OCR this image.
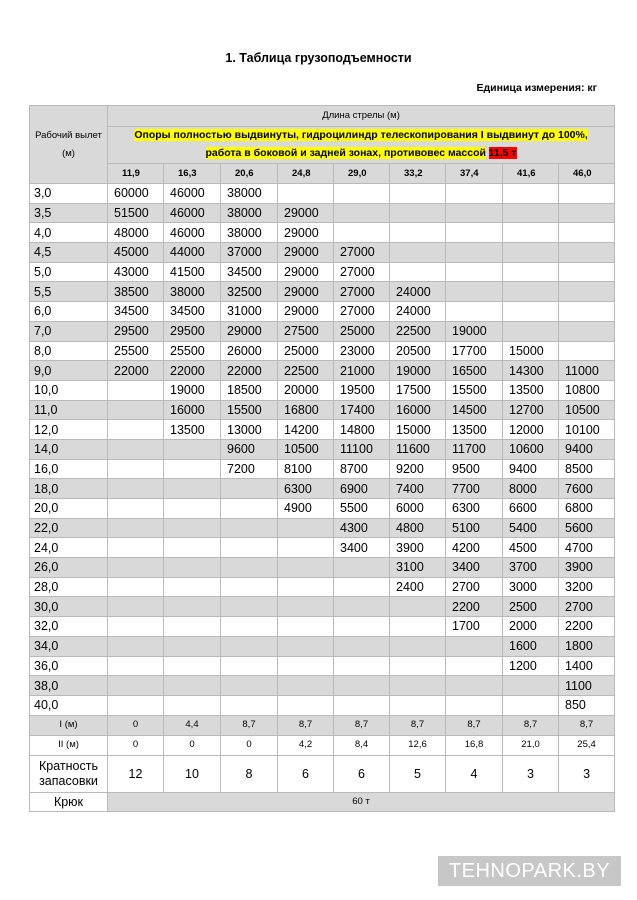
1. Таблица грузоподъемности
Единица измерения: кг
Рабочий вылет
(м)	Длина стрелы (м)								
	Опоры полностью выдвинуты, гидроцилиндр телескопирования I выдвинут до 100%,
работа в боковой и задней зонах, противовес массой 11,5 т								
	11,9	16,3	20,6	24,8	29,0	33,2	37,4	41,6	46,0
3,0	60000	46000	38000						
3,5	51500	46000	38000	29000					
4,0	48000	46000	38000	29000					
4,5	45000	44000	37000	29000	27000				
5,0	43000	41500	34500	29000	27000				
5,5	38500	38000	32500	29000	27000	24000			
6,0	34500	34500	31000	29000	27000	24000			
7,0	29500	29500	29000	27500	25000	22500	19000		
8,0	25500	25500	26000	25000	23000	20500	17700	15000	
9,0	22000	22000	22000	22500	21000	19000	16500	14300	11000
10,0		19000	18500	20000	19500	17500	15500	13500	10800
11,0		16000	15500	16800	17400	16000	14500	12700	10500
12,0		13500	13000	14200	14800	15000	13500	12000	10100
14,0			9600	10500	11100	11600	11700	10600	9400
16,0			7200	8100	8700	9200	9500	9400	8500
18,0				6300	6900	7400	7700	8000	7600
20,0				4900	5500	6000	6300	6600	6800
22,0					4300	4800	5100	5400	5600
24,0					3400	3900	4200	4500	4700
26,0						3100	3400	3700	3900
28,0						2400	2700	3000	3200
30,0							2200	2500	2700
32,0							1700	2000	2200
34,0								1600	1800
36,0								1200	1400
38,0									1100
40,0									850
I (м)	0	4,4	8,7	8,7	8,7	8,7	8,7	8,7	8,7
II (м)	0	0	0	4,2	8,4	12,6	16,8	21,0	25,4
Кратность
запасовки	12	10	8	6	6	5	4	3	3
Крюк	60 т								
TEHNOPARK.BY
